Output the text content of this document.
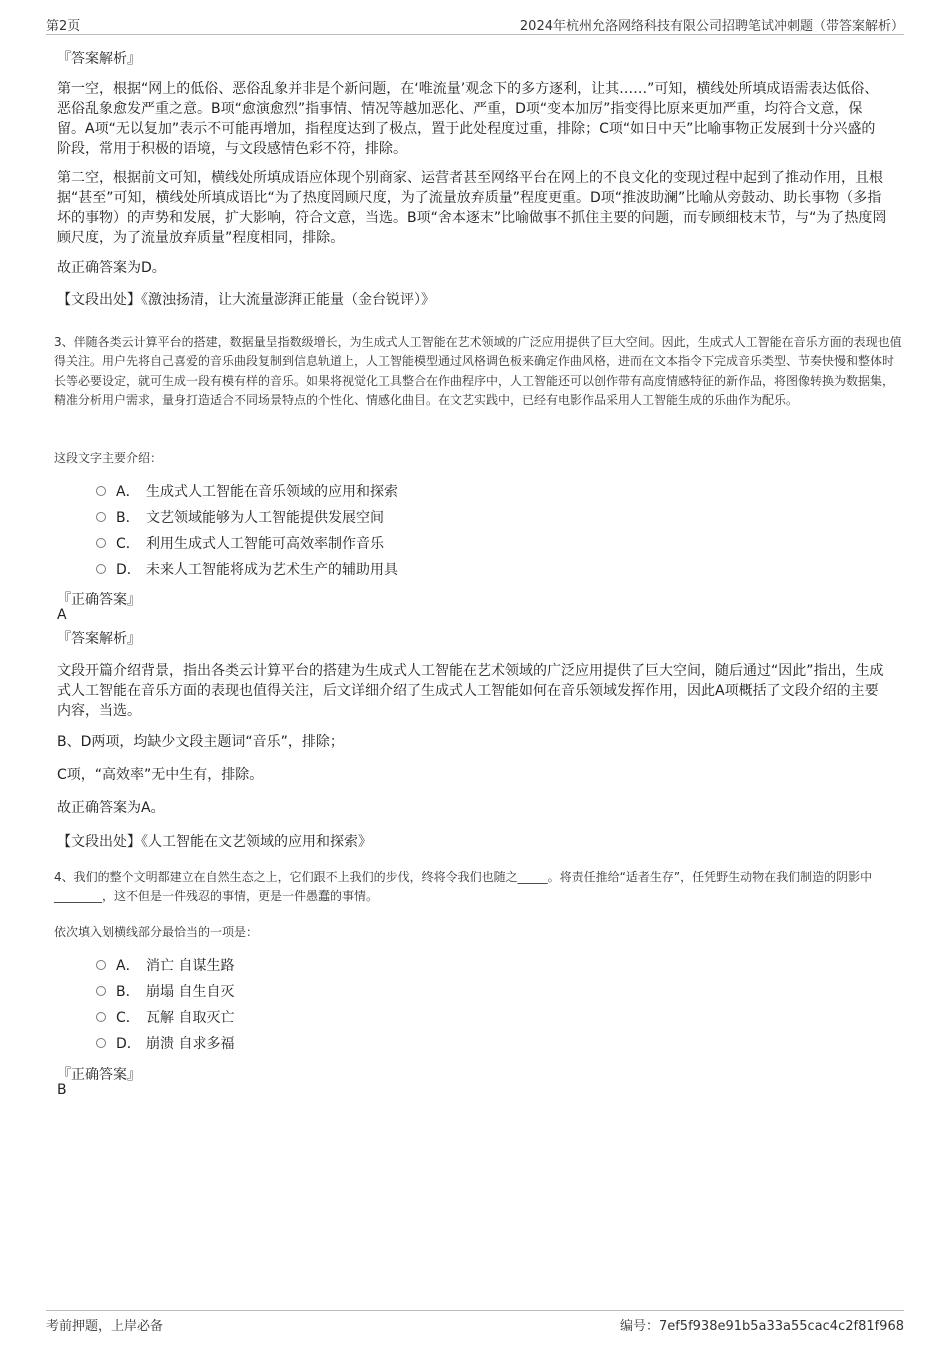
第2页	2024年杭州允洛网络科技有限公司招聘笔试冲刺题（带答案解析）

『答案解析』

第一空，根据“网上的低俗、恶俗乱象并非是个新问题，在‘唯流量’观念下的多方逐利，让其……”可知，横线处所填成语需表达低俗、恶俗乱象愈发严重之意。B项“愈演愈烈”指事情、情况等越加恶化、严重，D项“变本加厉”指变得比原来更加严重，均符合文意，保留。A项“无以复加”表示不可能再增加，指程度达到了极点，置于此处程度过重，排除；C项“如日中天”比喻事物正发展到十分兴盛的阶段，常用于积极的语境，与文段感情色彩不符，排除。

第二空，根据前文可知，横线处所填成语应体现个别商家、运营者甚至网络平台在网上的不良文化的变现过程中起到了推动作用，且根据“甚至”可知，横线处所填成语比“为了热度罔顾尺度，为了流量放弃质量”程度更重。D项“推波助澜”比喻从旁鼓动、助长事物（多指坏的事物）的声势和发展，扩大影响，符合文意，当选。B项“舍本逐末”比喻做事不抓住主要的问题，而专顾细枝末节，与“为了热度罔顾尺度，为了流量放弃质量”程度相同，排除。

故正确答案为D。

【文段出处】《激浊扬清，让大流量澎湃正能量（金台锐评）》

3、伴随各类云计算平台的搭建，数据量呈指数级增长，为生成式人工智能在艺术领域的广泛应用提供了巨大空间。因此，生成式人工智能在音乐方面的表现也值得关注。用户先将自己喜爱的音乐曲段复制到信息轨道上，人工智能模型通过风格调色板来确定作曲风格，进而在文本指令下完成音乐类型、节奏快慢和整体时长等必要设定，就可生成一段有模有样的音乐。如果将视觉化工具整合在作曲程序中，人工智能还可以创作带有高度情感特征的新作品，将图像转换为数据集，精准分析用户需求，量身打造适合不同场景特点的个性化、情感化曲目。在文艺实践中，已经有电影作品采用人工智能生成的乐曲作为配乐。

这段文字主要介绍：

A． 生成式人工智能在音乐领域的应用和探索
B． 文艺领域能够为人工智能提供发展空间
C． 利用生成式人工智能可高效率制作音乐
D． 未来人工智能将成为艺术生产的辅助用具

『正确答案』

A

『答案解析』

文段开篇介绍背景，指出各类云计算平台的搭建为生成式人工智能在艺术领域的广泛应用提供了巨大空间，随后通过“因此”指出，生成式人工智能在音乐方面的表现也值得关注，后文详细介绍了生成式人工智能如何在音乐领域发挥作用，因此A项概括了文段介绍的主要内容，当选。

B、D两项，均缺少文段主题词“音乐”，排除；

C项，“高效率”无中生有，排除。

故正确答案为A。

【文段出处】《人工智能在文艺领域的应用和探索》

4、我们的整个文明都建立在自然生态之上，它们跟不上我们的步伐，终将令我们也随之_____。将责任推给“适者生存”，任凭野生动物在我们制造的阴影中________，这不但是一件残忍的事情，更是一件愚蠢的事情。

依次填入划横线部分最恰当的一项是：

A． 消亡 自谋生路
B． 崩塌 自生自灭
C． 瓦解 自取灭亡
D． 崩溃 自求多福

『正确答案』

B

考前押题，上岸必备	编号：7ef5f938e91b5a33a55cac4c2f81f968
